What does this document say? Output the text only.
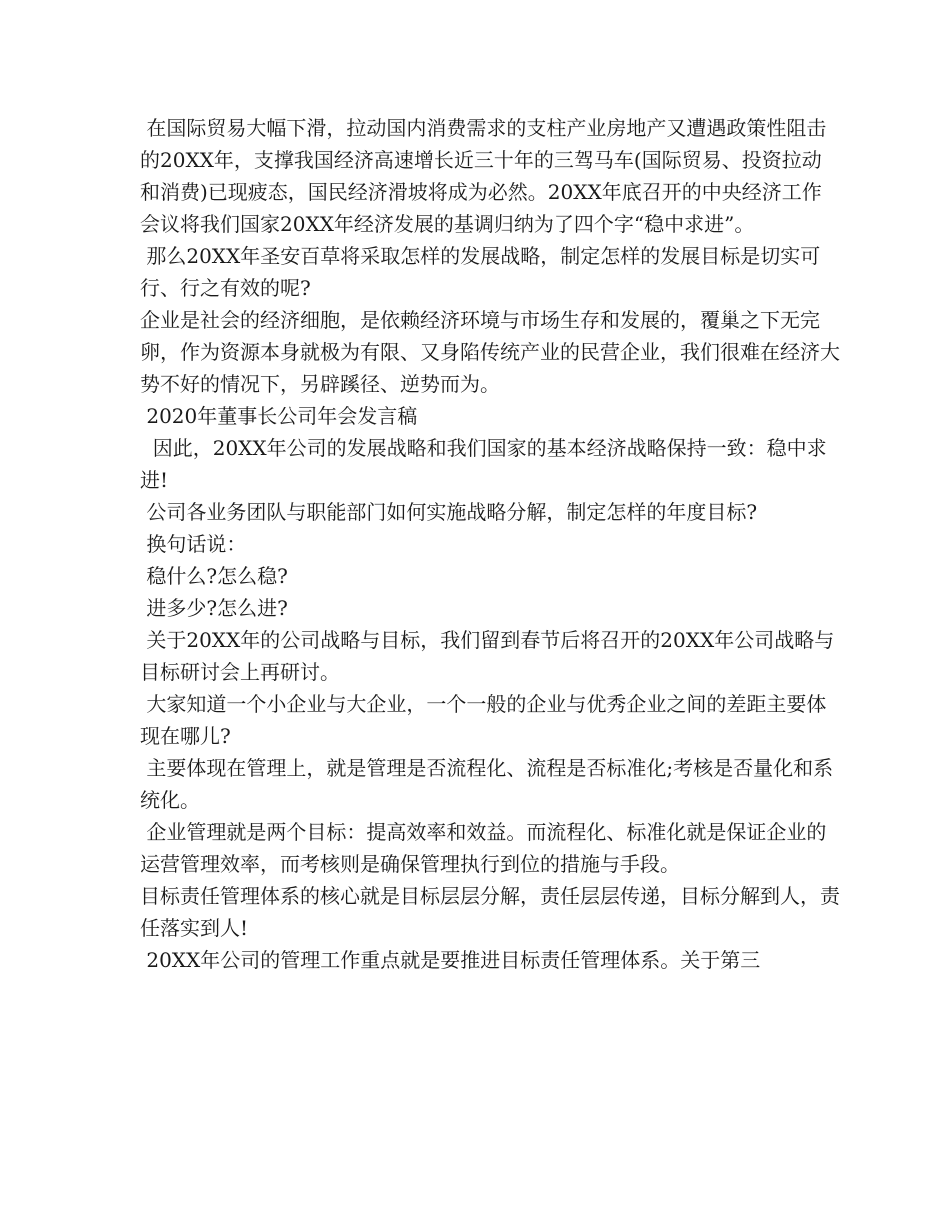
在国际贸易大幅下滑，拉动国内消费需求的支柱产业房地产又遭遇政策性阻击的20XX年，支撑我国经济高速增长近三十年的三驾马车(国际贸易、投资拉动和消费)已现疲态，国民经济滑坡将成为必然。20XX年底召开的中央经济工作会议将我们国家20XX年经济发展的基调归纳为了四个字“稳中求进”。

那么20XX年圣安百草将采取怎样的发展战略，制定怎样的发展目标是切实可行、行之有效的呢?

企业是社会的经济细胞，是依赖经济环境与市场生存和发展的，覆巢之下无完卵，作为资源本身就极为有限、又身陷传统产业的民营企业，我们很难在经济大势不好的情况下，另辟蹊径、逆势而为。

2020年董事长公司年会发言稿

因此，20XX年公司的发展战略和我们国家的基本经济战略保持一致：稳中求进!

公司各业务团队与职能部门如何实施战略分解，制定怎样的年度目标?

换句话说：

稳什么?怎么稳?

进多少?怎么进?

关于20XX年的公司战略与目标，我们留到春节后将召开的20XX年公司战略与目标研讨会上再研讨。

大家知道一个小企业与大企业，一个一般的企业与优秀企业之间的差距主要体现在哪儿?

主要体现在管理上，就是管理是否流程化、流程是否标准化;考核是否量化和系统化。

企业管理就是两个目标：提高效率和效益。而流程化、标准化就是保证企业的运营管理效率，而考核则是确保管理执行到位的措施与手段。

目标责任管理体系的核心就是目标层层分解，责任层层传递，目标分解到人，责任落实到人!

20XX年公司的管理工作重点就是要推进目标责任管理体系。关于第三
